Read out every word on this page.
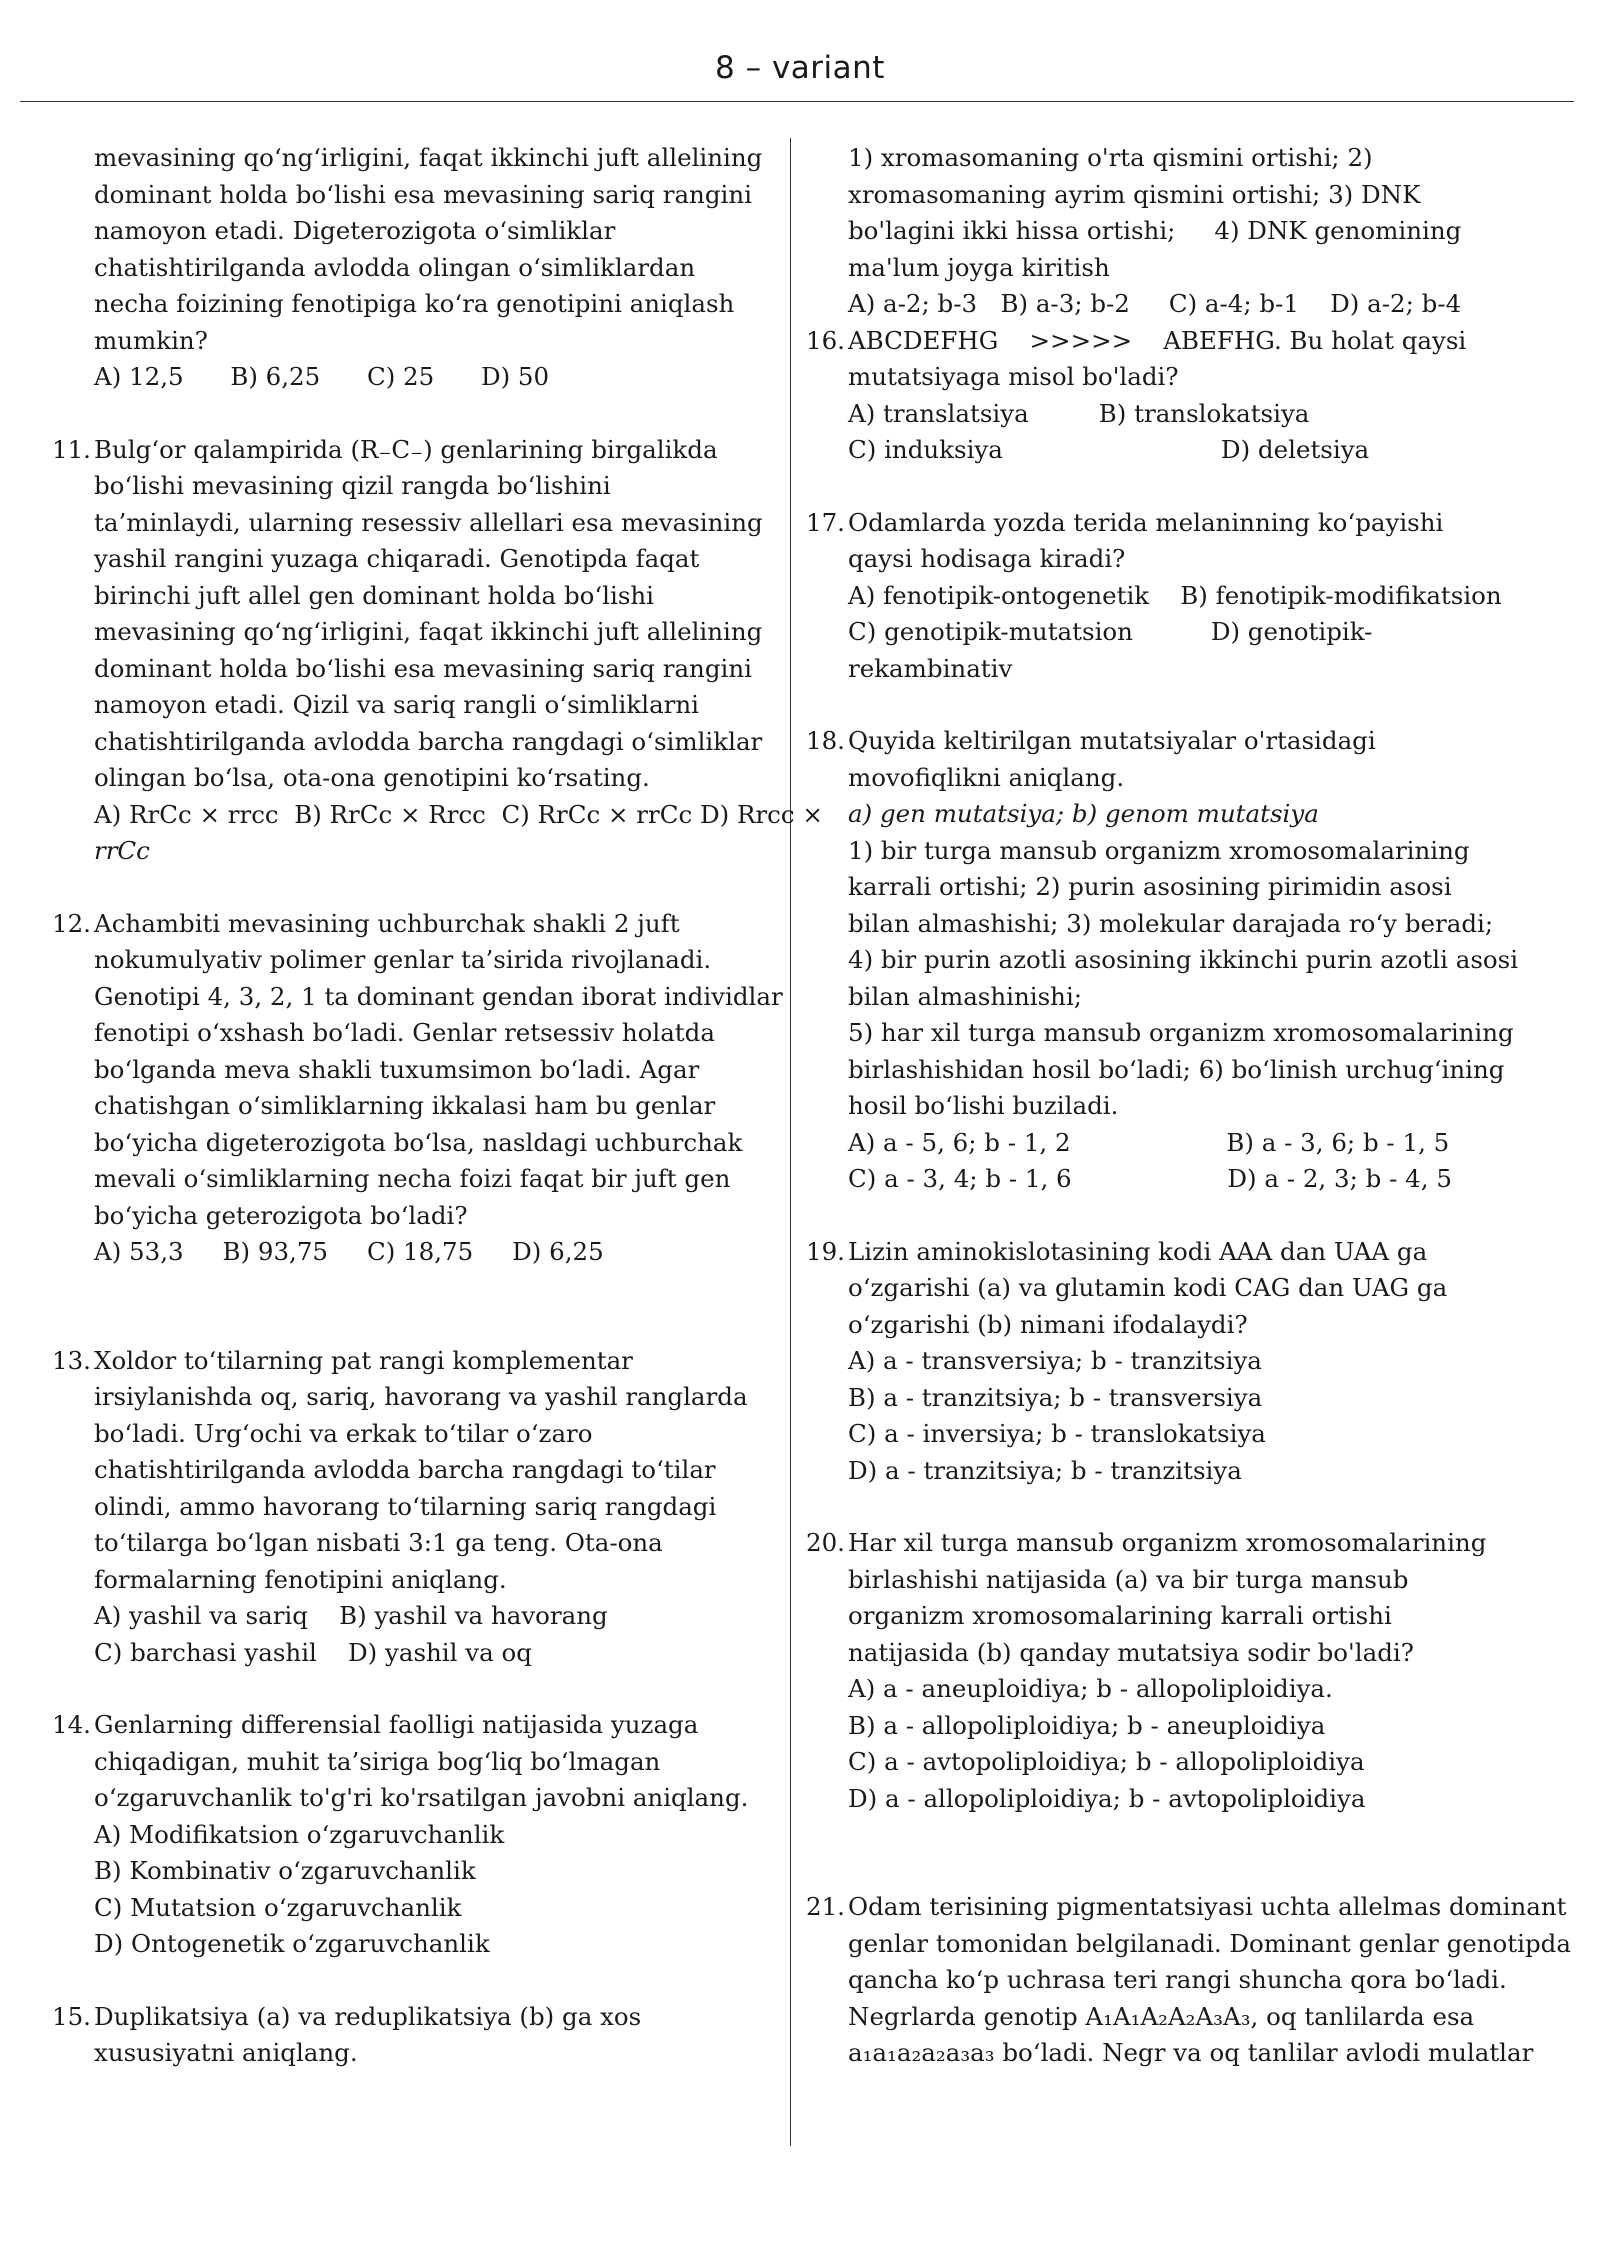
8 – variant
mevasining qo‘ng‘irligini, faqat ikkinchi juft allelining
dominant holda bo‘lishi esa mevasining sariq rangini
namoyon etadi. Digeterozigota o‘simliklar
chatishtirilganda avlodda olingan o‘simliklardan
necha foizining fenotipiga ko‘ra genotipini aniqlash
mumkin?
A) 12,5      B) 6,25      C) 25      D) 50
11. Bulg‘or qalampirida (R₋C₋) genlarining birgalikda
bo‘lishi mevasining qizil rangda bo‘lishini
ta’minlaydi, ularning resessiv allellari esa mevasining
yashil rangini yuzaga chiqaradi. Genotipda faqat
birinchi juft allel gen dominant holda bo‘lishi
mevasining qo‘ng‘irligini, faqat ikkinchi juft allelining
dominant holda bo‘lishi esa mevasining sariq rangini
namoyon etadi. Qizil va sariq rangli o‘simliklarni
chatishtirilganda avlodda barcha rangdagi o‘simliklar
olingan bo‘lsa, ota-ona genotipini ko‘rsating.
A) RrCc × rrcc  B) RrCc × Rrcc  C) RrCc × rrCc D) Rrcc ×
rrCc
12. Achambiti mevasining uchburchak shakli 2 juft
nokumulyativ polimer genlar ta’sirida rivojlanadi.
Genotipi 4, 3, 2, 1 ta dominant gendan iborat individlar
fenotipi o‘xshash bo‘ladi. Genlar retsessiv holatda
bo‘lganda meva shakli tuxumsimon bo‘ladi. Agar
chatishgan o‘simliklarning ikkalasi ham bu genlar
bo‘yicha digeterozigota bo‘lsa, nasldagi uchburchak
mevali o‘simliklarning necha foizi faqat bir juft gen
bo‘yicha geterozigota bo‘ladi?
A) 53,3     B) 93,75     C) 18,75     D) 6,25
13. Xoldor to‘tilarning pat rangi komplementar
irsiylanishda oq, sariq, havorang va yashil ranglarda
bo‘ladi. Urg‘ochi va erkak to‘tilar o‘zaro
chatishtirilganda avlodda barcha rangdagi to‘tilar
olindi, ammo havorang to‘tilarning sariq rangdagi
to‘tilarga bo‘lgan nisbati 3:1 ga teng. Ota-ona
formalarning fenotipini aniqlang.
A) yashil va sariq    B) yashil va havorang
C) barchasi yashil    D) yashil va oq
14. Genlarning differensial faolligi natijasida yuzaga
chiqadigan, muhit ta’siriga bog‘liq bo‘lmagan
o‘zgaruvchanlik to'g'ri ko'rsatilgan javobni aniqlang.
A) Modifikatsion o‘zgaruvchanlik
B) Kombinativ o‘zgaruvchanlik
C) Mutatsion o‘zgaruvchanlik
D) Ontogenetik o‘zgaruvchanlik
15. Duplikatsiya (a) va reduplikatsiya (b) ga xos
xususiyatni aniqlang.
1) xromasomaning o'rta qismini ortishi; 2)
xromasomaning ayrim qismini ortishi; 3) DNK
bo'lagini ikki hissa ortishi;     4) DNK genomining
ma'lum joyga kiritish
A) a-2; b-3   B) a-3; b-2     C) a-4; b-1    D) a-2; b-4
16. ABCDEFHG    >>>>>    ABEFHG. Bu holat qaysi
mutatsiyaga misol bo'ladi?
A) translatsiya         B) translokatsiya
C) induksiya                            D) deletsiya
17. Odamlarda yozda terida melaninning ko‘payishi
qaysi hodisaga kiradi?
A) fenotipik-ontogenetik    B) fenotipik-modifikatsion
C) genotipik-mutatsion          D) genotipik-
rekambinativ
18. Quyida keltirilgan mutatsiyalar o'rtasidagi
movofiqlikni aniqlang.
a) gen mutatsiya; b) genom mutatsiya
1) bir turga mansub organizm xromosomalarining
karrali ortishi; 2) purin asosining pirimidin asosi
bilan almashishi; 3) molekular darajada ro‘y beradi;
4) bir purin azotli asosining ikkinchi purin azotli asosi
bilan almashinishi;
5) har xil turga mansub organizm xromosomalarining
birlashishidan hosil bo‘ladi; 6) bo‘linish urchug‘ining
hosil bo‘lishi buziladi.
A) a - 5, 6; b - 1, 2                    B) a - 3, 6; b - 1, 5
C) a - 3, 4; b - 1, 6                    D) a - 2, 3; b - 4, 5
19. Lizin aminokislotasining kodi AAA dan UAA ga
o‘zgarishi (a) va glutamin kodi CAG dan UAG ga
o‘zgarishi (b) nimani ifodalaydi?
A) a - transversiya; b - tranzitsiya
B) a - tranzitsiya; b - transversiya
C) a - inversiya; b - translokatsiya
D) a - tranzitsiya; b - tranzitsiya
20. Har xil turga mansub organizm xromosomalarining
birlashishi natijasida (a) va bir turga mansub
organizm xromosomalarining karrali ortishi
natijasida (b) qanday mutatsiya sodir bo'ladi?
A) a - aneuploidiya; b - allopoliploidiya.
B) a - allopoliploidiya; b - aneuploidiya
C) a - avtopoliploidiya; b - allopoliploidiya
D) a - allopoliploidiya; b - avtopoliploidiya
21. Odam terisining pigmentatsiyasi uchta allelmas dominant
genlar tomonidan belgilanadi. Dominant genlar genotipda
qancha ko‘p uchrasa teri rangi shuncha qora bo‘ladi.
Negrlarda genotip A₁A₁A₂A₂A₃A₃, oq tanlilarda esa
a₁a₁a₂a₂a₃a₃ bo‘ladi. Negr va oq tanlilar avlodi mulatlar
